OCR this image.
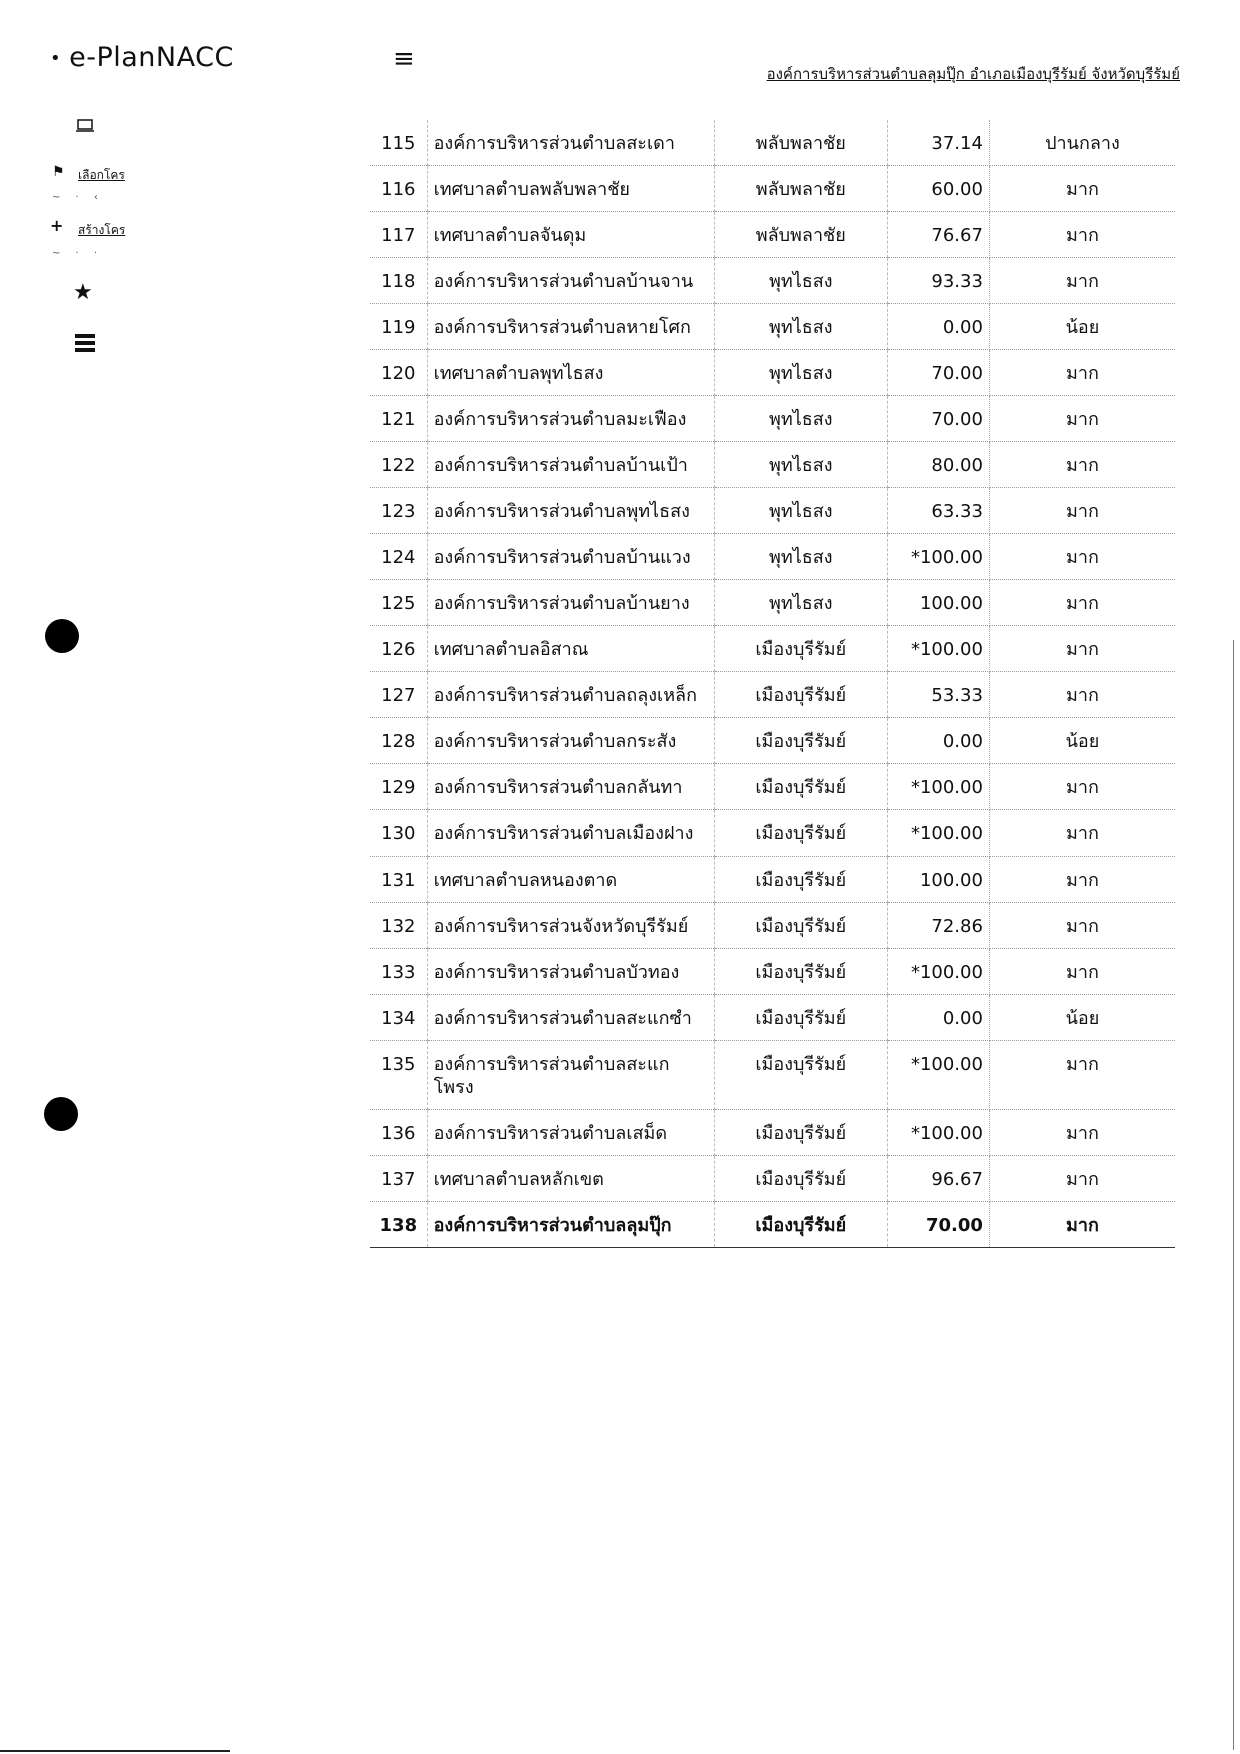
• e-PlanNACC	≡	องค์การบริหารส่วนตำบลลุมปุ๊ก อำเภอเมืองบุรีรัมย์ จังหวัดบุรีรัมย์
⚑ เลือกโคร
~ · ‹
+ สร้างโคร
~ · ·
★
115	องค์การบริหารส่วนตำบลสะเดา	พลับพลาชัย	37.14	ปานกลาง
116	เทศบาลตำบลพลับพลาชัย	พลับพลาชัย	60.00	มาก
117	เทศบาลตำบลจันดุม	พลับพลาชัย	76.67	มาก
118	องค์การบริหารส่วนตำบลบ้านจาน	พุทไธสง	93.33	มาก
119	องค์การบริหารส่วนตำบลหายโศก	พุทไธสง	0.00	น้อย
120	เทศบาลตำบลพุทไธสง	พุทไธสง	70.00	มาก
121	องค์การบริหารส่วนตำบลมะเฟือง	พุทไธสง	70.00	มาก
122	องค์การบริหารส่วนตำบลบ้านเป้า	พุทไธสง	80.00	มาก
123	องค์การบริหารส่วนตำบลพุทไธสง	พุทไธสง	63.33	มาก
124	องค์การบริหารส่วนตำบลบ้านแวง	พุทไธสง	*100.00	มาก
125	องค์การบริหารส่วนตำบลบ้านยาง	พุทไธสง	100.00	มาก
126	เทศบาลตำบลอิสาณ	เมืองบุรีรัมย์	*100.00	มาก
127	องค์การบริหารส่วนตำบลถลุงเหล็ก	เมืองบุรีรัมย์	53.33	มาก
128	องค์การบริหารส่วนตำบลกระสัง	เมืองบุรีรัมย์	0.00	น้อย
129	องค์การบริหารส่วนตำบลกลันทา	เมืองบุรีรัมย์	*100.00	มาก
130	องค์การบริหารส่วนตำบลเมืองฝาง	เมืองบุรีรัมย์	*100.00	มาก
131	เทศบาลตำบลหนองตาด	เมืองบุรีรัมย์	100.00	มาก
132	องค์การบริหารส่วนจังหวัดบุรีรัมย์	เมืองบุรีรัมย์	72.86	มาก
133	องค์การบริหารส่วนตำบลบัวทอง	เมืองบุรีรัมย์	*100.00	มาก
134	องค์การบริหารส่วนตำบลสะแกซำ	เมืองบุรีรัมย์	0.00	น้อย
135	องค์การบริหารส่วนตำบลสะแกโพรง	เมืองบุรีรัมย์	*100.00	มาก
136	องค์การบริหารส่วนตำบลเสม็ด	เมืองบุรีรัมย์	*100.00	มาก
137	เทศบาลตำบลหลักเขต	เมืองบุรีรัมย์	96.67	มาก
138	องค์การบริหารส่วนตำบลลุมปุ๊ก	เมืองบุรีรัมย์	70.00	มาก
